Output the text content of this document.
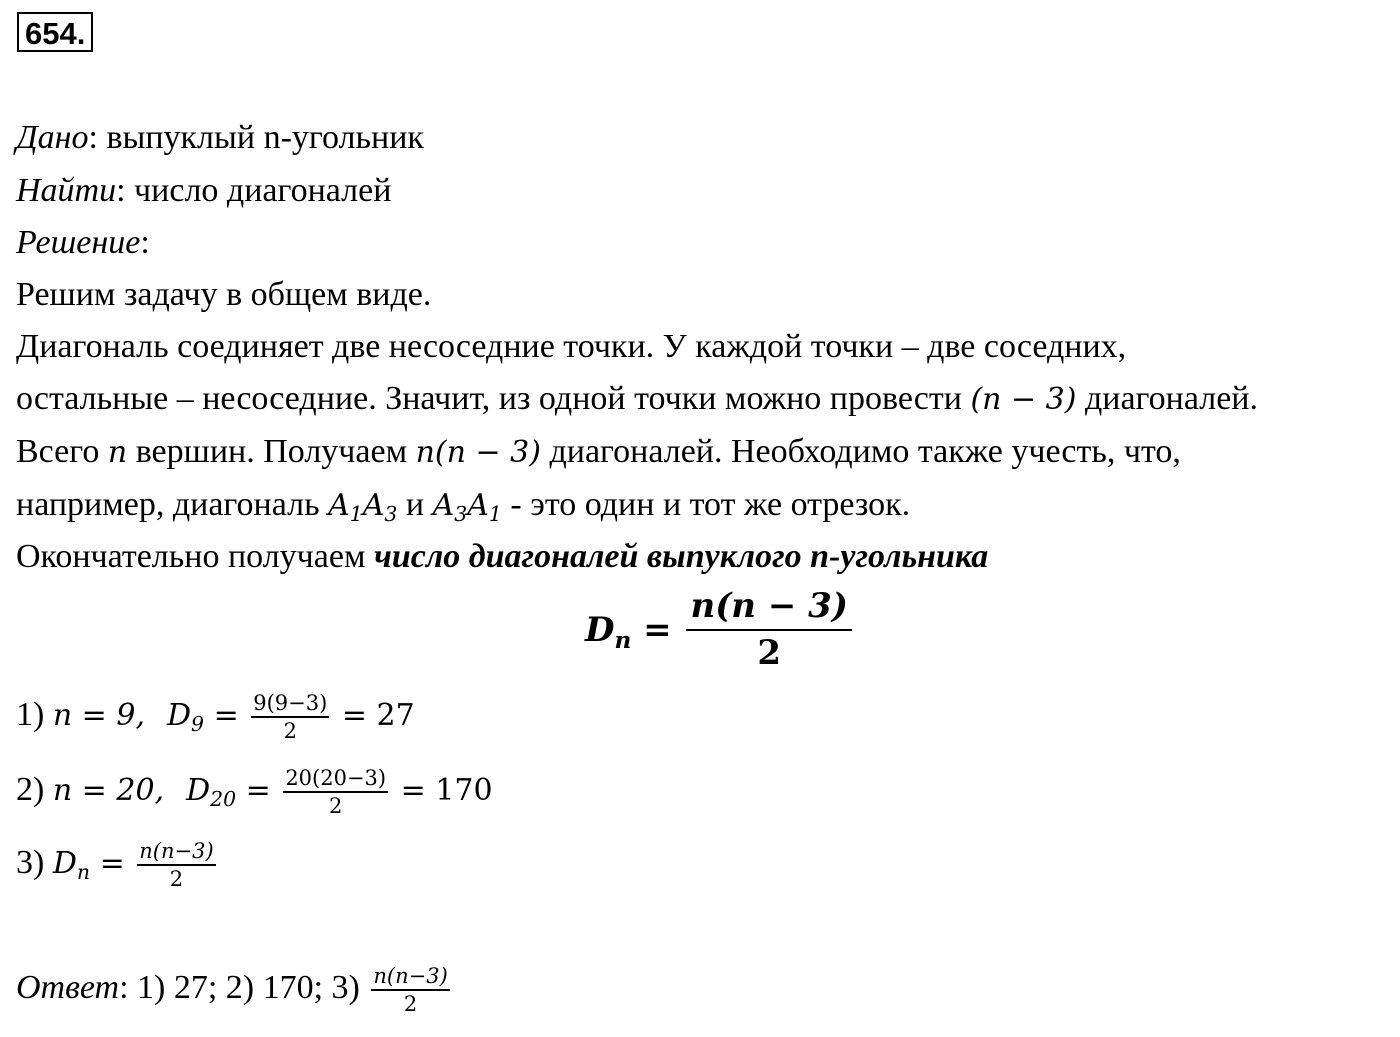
654.
Дано: выпуклый n-угольник
Найти: число диагоналей
Решение:
Решим задачу в общем виде.
Диагональ соединяет две несоседние точки. У каждой точки – две соседних,
остальные – несоседние. Значит, из одной точки можно провести (n − 3) диагоналей.
Всего n вершин. Получаем n(n − 3) диагоналей. Необходимо также учесть, что,
например, диагональ $A_1A_3$ и $A_3A_1$ - это один и тот же отрезок.
Окончательно получаем число диагоналей выпуклого n-угольника
$D_n = \frac{n(n - 3)}{2}$
1) n = 9, $D_9 = \frac{9(9-3)}{2} = 27$
2) n = 20, $D_{20} = \frac{20(20-3)}{2} = 170$
3) $D_n = \frac{n(n-3)}{2}$
Ответ: 1) 27; 2) 170; $3) \frac{n(n-3)}{2}$
